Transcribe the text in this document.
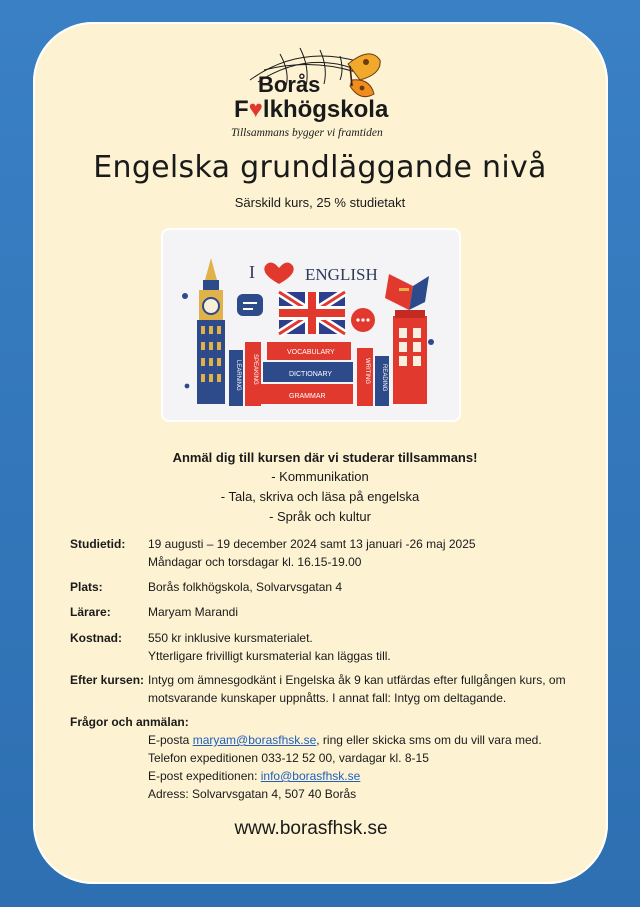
Borås
F♥lkhögskola
Tillsammans bygger vi framtiden
Engelska grundläggande nivå
Särskild kurs, 25 % studietakt
I	ENGLISH
LEARNING SPEAKING
VOCABULARY
DICTIONARY
GRAMMAR
WRITING READING
Anmäl dig till kursen där vi studerar tillsammans!
- Kommunikation
- Tala, skriva och läsa på engelska
- Språk och kultur
Studietid: 19 augusti – 19 december 2024 samt 13 januari -26 maj 2025
Måndagar och torsdagar kl. 16.15-19.00
Plats:	Borås folkhögskola, Solvarvsgatan 4
Lärare:	Maryam Marandi
Kostnad: 550 kr inklusive kursmaterialet.
Ytterligare frivilligt kursmaterial kan läggas till.
Efter kursen: Intyg om ämnesgodkänt i Engelska åk 9 kan utfärdas efter fullgången kurs, om
motsvarande kunskaper uppnåtts. I annat fall: Intyg om deltagande.
Frågor och anmälan:
E-posta maryam@borasfhsk.se, ring eller skicka sms om du vill vara med.
Telefon expeditionen 033-12 52 00, vardagar kl. 8-15
E-post expeditionen: info@borasfhsk.se
Adress: Solvarvsgatan 4, 507 40 Borås
www.borasfhsk.se
